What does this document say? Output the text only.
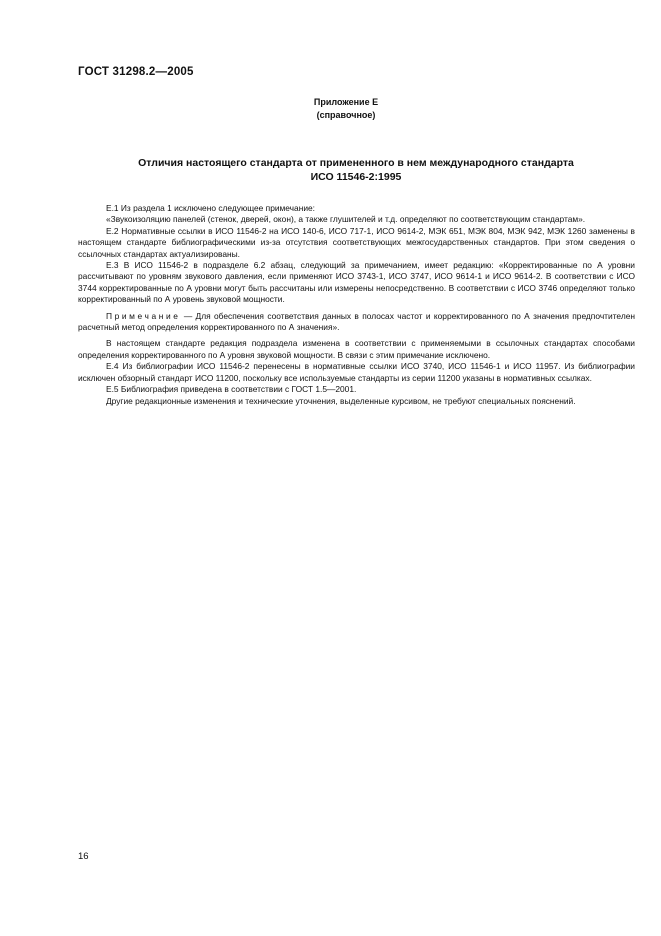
ГОСТ 31298.2—2005
Приложение Е
(справочное)
Отличия настоящего стандарта от примененного в нем международного стандарта
ИСО 11546-2:1995

Е.1 Из раздела 1 исключено следующее примечание:

«Звукоизоляцию панелей (стенок, дверей, окон), а также глушителей и т.д. определяют по соответствующим стандартам».

Е.2 Нормативные ссылки в ИСО 11546-2 на ИСО 140-6, ИСО 717-1, ИСО 9614-2, МЭК 651, МЭК 804, МЭК 942, МЭК 1260 заменены в настоящем стандарте библиографическими из-за отсутствия соответствующих межгосударственных стандартов. При этом сведения о ссылочных стандартах актуализированы.

Е.3 В ИСО 11546-2 в подразделе 6.2 абзац, следующий за примечанием, имеет редакцию: «Корректированные по А уровни рассчитывают по уровням звукового давления, если применяют ИСО 3743-1, ИСО 3747, ИСО 9614-1 и ИСО 9614-2. В соответствии с ИСО 3744 корректированные по А уровни могут быть рассчитаны или измерены непосредственно. В соответствии с ИСО 3746 определяют только корректированный по А уровень звуковой мощности.

Примечание — Для обеспечения соответствия данных в полосах частот и корректированного по А значения предпочтителен расчетный метод определения корректированного по А значения».

В настоящем стандарте редакция подраздела изменена в соответствии с применяемыми в ссылочных стандартах способами определения корректированного по А уровня звуковой мощности. В связи с этим примечание исключено.

Е.4 Из библиографии ИСО 11546-2 перенесены в нормативные ссылки ИСО 3740, ИСО 11546-1 и ИСО 11957. Из библиографии исключен обзорный стандарт ИСО 11200, поскольку все используемые стандарты из серии 11200 указаны в нормативных ссылках.

Е.5 Библиография приведена в соответствии с ГОСТ 1.5—2001.

Другие редакционные изменения и технические уточнения, выделенные курсивом, не требуют специальных пояснений.

16
